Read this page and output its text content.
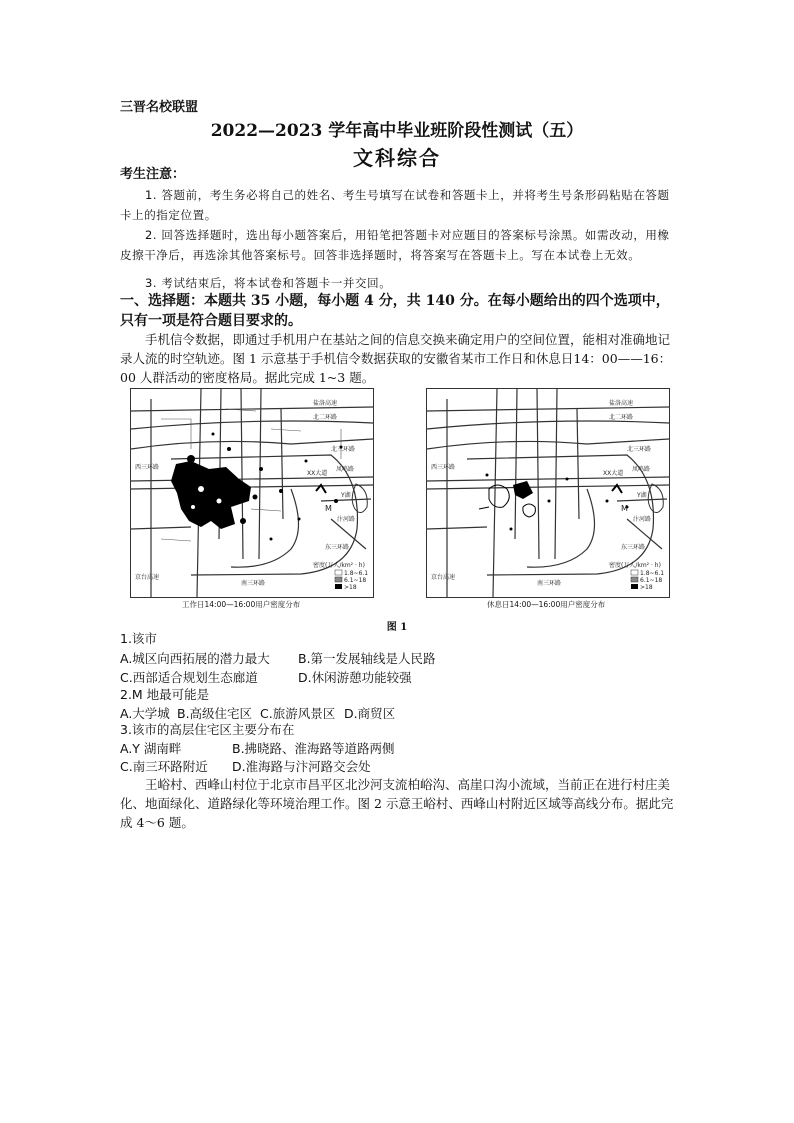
三晋名校联盟
2022—2023 学年高中毕业班阶段性测试（五）
文科综合
考生注意：
1. 答题前，考生务必将自己的姓名、考生号填写在试卷和答题卡上，并将考生号条形码粘贴在答题卡上的指定位置。
2. 回答选择题时，选出每小题答案后，用铅笔把答题卡对应题目的答案标号涂黑。如需改动，用橡皮擦干净后，再选涂其他答案标号。回答非选择题时，将答案写在答题卡上。写在本试卷上无效。
3. 考试结束后，将本试卷和答题卡一并交回。
一、选择题：本题共 35 小题，每小题 4 分，共 140 分。在每小题给出的四个选项中，只有一项是符合题目要求的。
手机信令数据，即通过手机用户在基站之间的信息交换来确定用户的空间位置，能相对准确地记录人流的时空轨迹。图 1 示意基于手机信令数据获取的安徽省某市工作日和休息日14：00——16：00 人群活动的密度格局。据此完成 1~3 题。
盐洛高速
北二环路
北三环路
XX大道
凤鸣路
汴河路
南三环路
东三环路
西三环路
京台高速
M
Y湖
密度(万人/km² · h)
1.8~6.1
6.1~18
>18
盐洛高速
北二环路
北三环路
XX大道
凤鸣路
汴河路
南三环路
东三环路
西三环路
京台高速
M
Y湖
密度(万人/km² · h)
1.8~6.1
6.1~18
>18
工作日14:00—16:00用户密度分布	休息日14:00—16:00用户密度分布
图 1
1.该市
A.城区向西拓展的潜力最大 B.第一发展轴线是人民路
C.西部适合规划生态廊道	D.休闲游憩功能较强
2.M 地最可能是
A.大学城 B.高级住宅区 C.旅游风景区 D.商贸区
3.该市的高层住宅区主要分布在
A.Y 湖南畔	B.拂晓路、淮海路等道路两侧
C.南三环路附近 D.淮海路与汴河路交会处
王峪村、西峰山村位于北京市昌平区北沙河支流柏峪沟、高崖口沟小流域，当前正在进行村庄美化、地面绿化、道路绿化等环境治理工作。图 2 示意王峪村、西峰山村附近区域等高线分布。据此完成 4～6 题。
